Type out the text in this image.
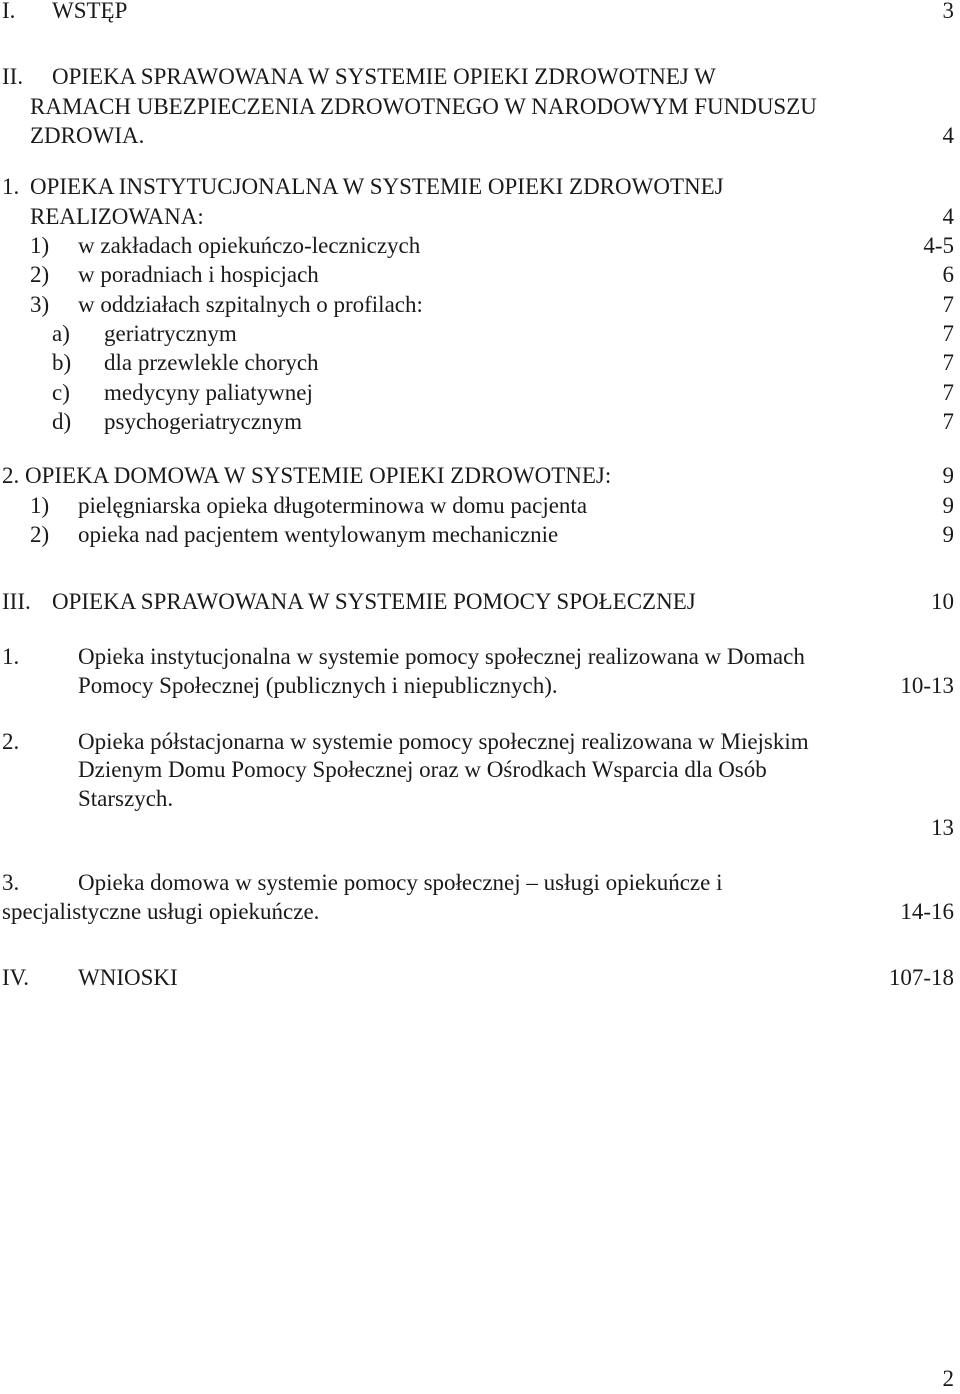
I. WSTĘP	3
II. OPIEKA SPRAWOWANA W SYSTEMIE OPIEKI ZDROWOTNEJ W
RAMACH UBEZPIECZENIA ZDROWOTNEGO W NARODOWYM FUNDUSZU
ZDROWIA.	4
1. OPIEKA INSTYTUCJONALNA W SYSTEMIE OPIEKI ZDROWOTNEJ
REALIZOWANA:	4
1) w zakładach opiekuńczo-leczniczych	4-5
2) w poradniach i hospicjach	6
3) w oddziałach szpitalnych o profilach:	7
a) geriatrycznym	7
b) dla przewlekle chorych	7
c) medycyny paliatywnej	7
d) psychogeriatrycznym	7
2. OPIEKA DOMOWA W SYSTEMIE OPIEKI ZDROWOTNEJ:	9
1) pielęgniarska opieka długoterminowa w domu pacjenta	9
2) opieka nad pacjentem wentylowanym mechanicznie	9
III. OPIEKA SPRAWOWANA W SYSTEMIE POMOCY SPOŁECZNEJ	10
1.	Opieka instytucjonalna w systemie pomocy społecznej realizowana w Domach
Pomocy Społecznej (publicznych i niepublicznych).	10-13
2.	Opieka półstacjonarna w systemie pomocy społecznej realizowana w Miejskim
Dzienym Domu Pomocy Społecznej oraz w Ośrodkach Wsparcia dla Osób
Starszych.
13
3.	Opieka domowa w systemie pomocy społecznej – usługi opiekuńcze i
specjalistyczne usługi opiekuńcze.	14-16
IV. WNIOSKI	107-18
2
